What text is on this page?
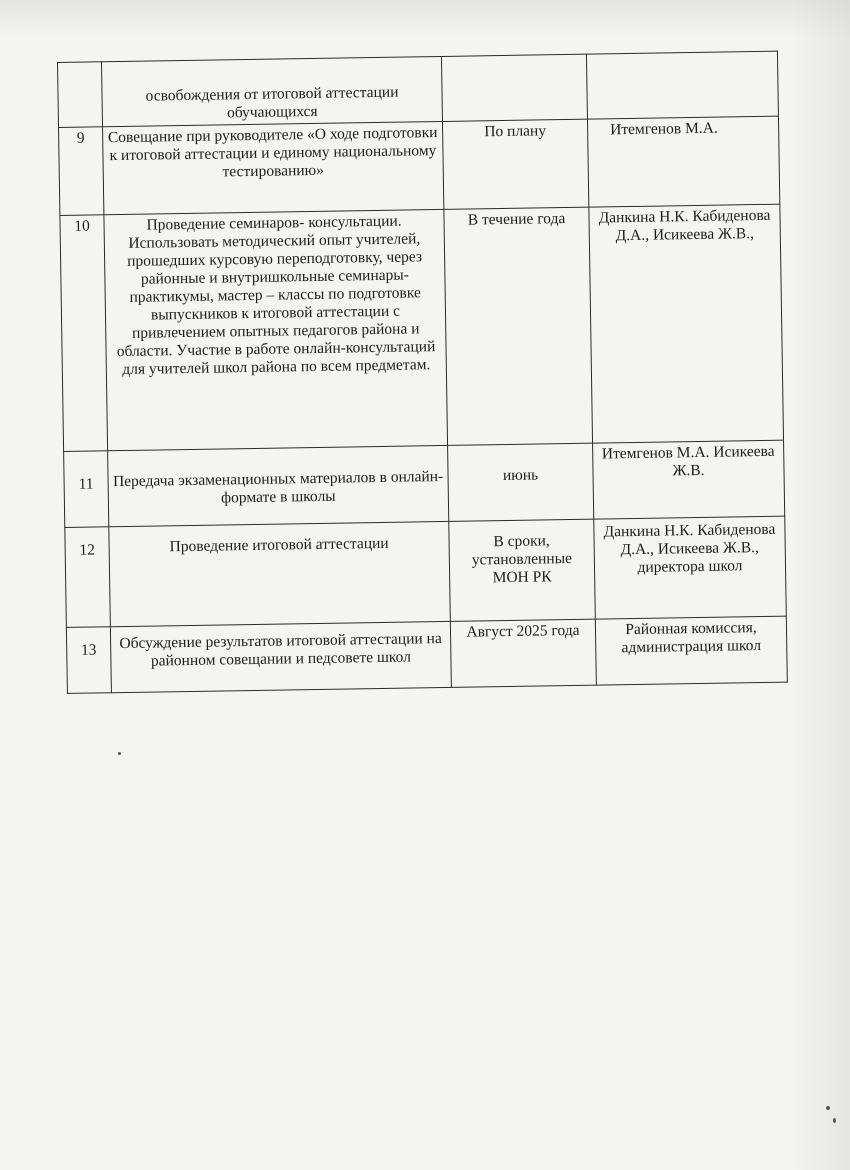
	освобождения от итоговой аттестации обучающихся		
9	Совещание при руководителе «О ходе подготовки к итоговой аттестации и единому национальному тестированию»	По плану	Итемгенов М.А.
10	Проведение семинаров- консультации. Использовать методический опыт учителей, прошедших курсовую переподготовку, через районные и внутришкольные семинары-практикумы, мастер – классы по подготовке выпускников к итоговой аттестации с привлечением опытных педагогов района и области. Участие в работе онлайн-консультаций для учителей школ района по всем предметам.	В течение года	Данкина Н.К. Кабиденова Д.А., Исикеева Ж.В.,
11	Передача экзаменационных материалов в онлайн-формате в школы	июнь	Итемгенов М.А. Исикеева Ж.В.
12	Проведение итоговой аттестации	В сроки, установленные МОН РК	Данкина Н.К. Кабиденова Д.А., Исикеева Ж.В., директора школ
13	Обсуждение результатов итоговой аттестации на районном совещании и педсовете школ	Август 2025 года	Районная комиссия, администрация школ
